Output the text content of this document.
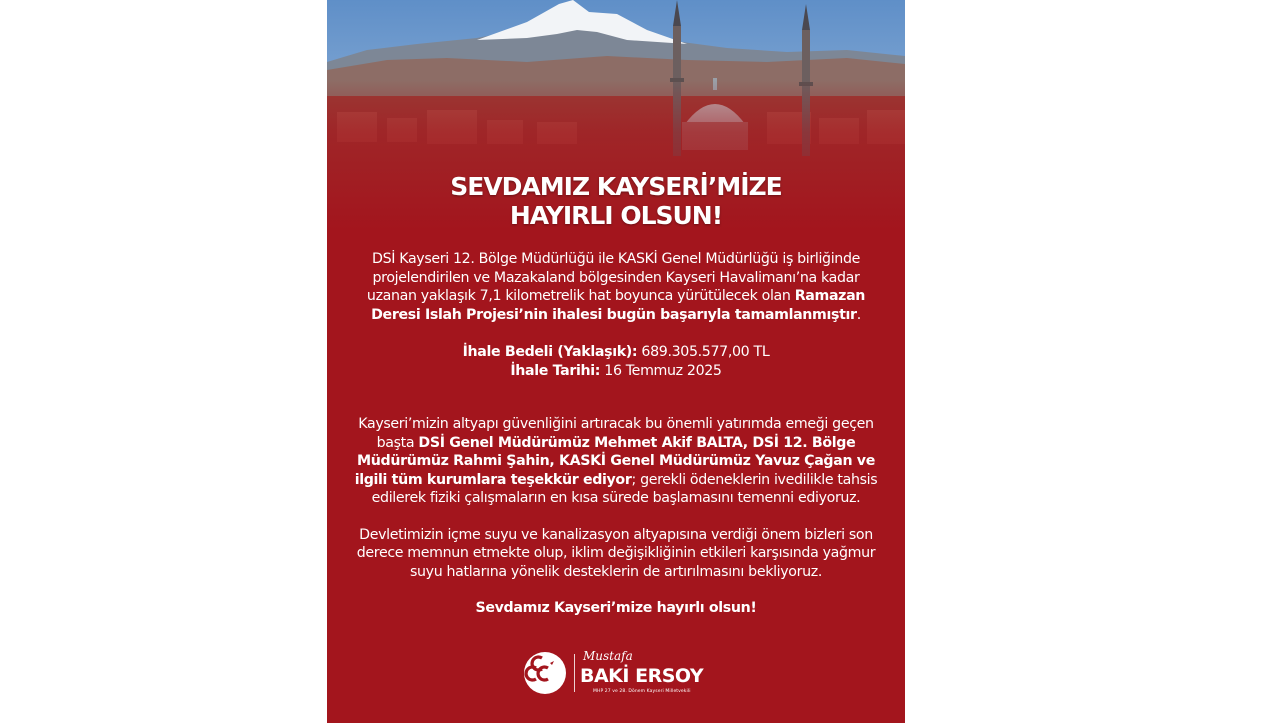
SEVDAMIZ KAYSERİ’MİZE
HAYIRLI OLSUN!

DSİ Kayseri 12. Bölge Müdürlüğü ile KASKİ Genel Müdürlüğü iş birliğinde projelendirilen ve Mazakaland bölgesinden Kayseri Havalimanı’na kadar uzanan yaklaşık 7,1 kilometrelik hat boyunca yürütülecek olan Ramazan Deresi Islah Projesi’nin ihalesi bugün başarıyla tamamlanmıştır.

İhale Bedeli (Yaklaşık): 689.305.577,00 TL
İhale Tarihi: 16 Temmuz 2025

Kayseri’mizin altyapı güvenliğini artıracak bu önemli yatırımda emeği geçen başta DSİ Genel Müdürümüz Mehmet Akif BALTA, DSİ 12. Bölge Müdürümüz Rahmi Şahin, KASKİ Genel Müdürümüz Yavuz Çağan ve ilgili tüm kurumlara teşekkür ediyor; gerekli ödeneklerin ivedilikle tahsis edilerek fiziki çalışmaların en kısa sürede başlamasını temenni ediyoruz.

Devletimizin içme suyu ve kanalizasyon altyapısına verdiği önem bizleri son derece memnun etmekte olup, iklim değişikliğinin etkileri karşısında yağmur suyu hatlarına yönelik desteklerin de artırılmasını bekliyoruz.

Sevdamız Kayseri’mize hayırlı olsun!
Mustafa
BAKİ ERSOY
MHP 27 ve 28. Dönem Kayseri Milletvekili
